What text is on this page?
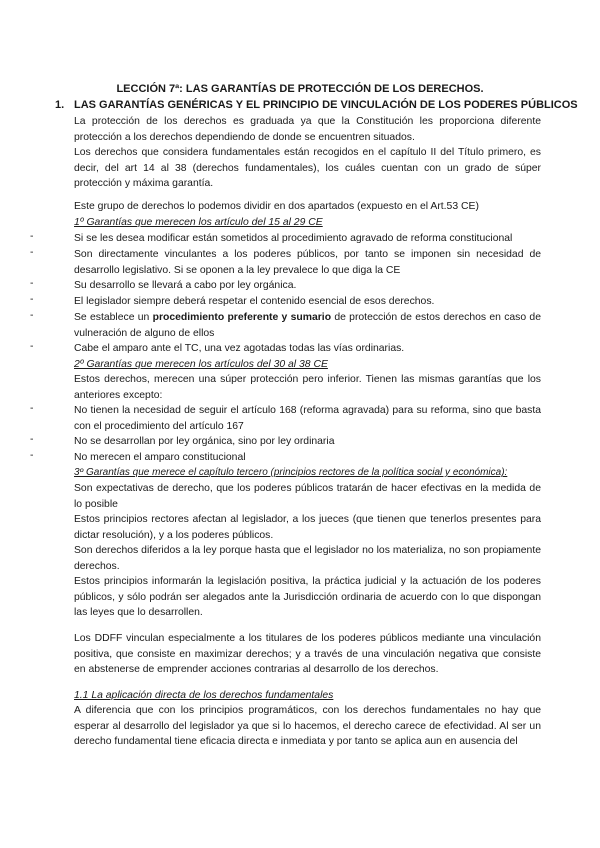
LECCIÓN 7ª: LAS GARANTÍAS DE PROTECCIÓN DE LOS DERECHOS.
1. LAS GARANTÍAS GENÉRICAS Y EL PRINCIPIO DE VINCULACIÓN DE LOS PODERES PÚBLICOS
La protección de los derechos es graduada ya que la Constitución les proporciona diferente protección a los derechos dependiendo de donde se encuentren situados.
Los derechos que considera fundamentales están recogidos en el capítulo II del Título primero, es decir, del art 14 al 38 (derechos fundamentales), los cuáles cuentan con un grado de súper protección y máxima garantía.
Este grupo de derechos lo podemos dividir en dos apartados (expuesto en el Art.53 CE)
1º Garantías que merecen los artículo del 15 al 29 CE
-	Si se les desea modificar están sometidos al procedimiento agravado de reforma constitucional
-	Son directamente vinculantes a los poderes públicos, por tanto se imponen sin necesidad de desarrollo legislativo. Si se oponen a la ley prevalece lo que diga la CE
-	Su desarrollo se llevará a cabo por ley orgánica.
-	El legislador siempre deberá respetar el contenido esencial de esos derechos.
-	Se establece un procedimiento preferente y sumario de protección de estos derechos en caso de vulneración de alguno de ellos
-	Cabe el amparo ante el TC, una vez agotadas todas las vías ordinarias.
2º Garantías que merecen los artículos del 30 al 38 CE
Estos derechos, merecen una súper protección pero inferior. Tienen las mismas garantías que los anteriores excepto:
-	No tienen la necesidad de seguir el artículo 168 (reforma agravada) para su reforma, sino que basta con el procedimiento del artículo 167
-	No se desarrollan por ley orgánica, sino por ley ordinaria
-	No merecen el amparo constitucional
3º Garantías que merece el capítulo tercero (principios rectores de la política social y económica):
Son expectativas de derecho, que los poderes públicos tratarán de hacer efectivas en la medida de lo posible
Estos principios rectores afectan al legislador, a los jueces (que tienen que tenerlos presentes para dictar resolución), y a los poderes públicos.
Son derechos diferidos a la ley porque hasta que el legislador no los materializa, no son propiamente derechos.
Estos principios informarán la legislación positiva, la práctica judicial y la actuación de los poderes públicos, y sólo podrán ser alegados ante la Jurisdicción ordinaria de acuerdo con lo que dispongan las leyes que lo desarrollen.
Los DDFF vinculan especialmente a los titulares de los poderes públicos mediante una vinculación positiva, que consiste en maximizar derechos; y a través de una vinculación negativa que consiste en abstenerse de emprender acciones contrarias al desarrollo de los derechos.
1.1 La aplicación directa de los derechos fundamentales
A diferencia que con los principios programáticos, con los derechos fundamentales no hay que esperar al desarrollo del legislador ya que si lo hacemos, el derecho carece de efectividad. Al ser un derecho fundamental tiene eficacia directa e inmediata y por tanto se aplica aun en ausencia del
